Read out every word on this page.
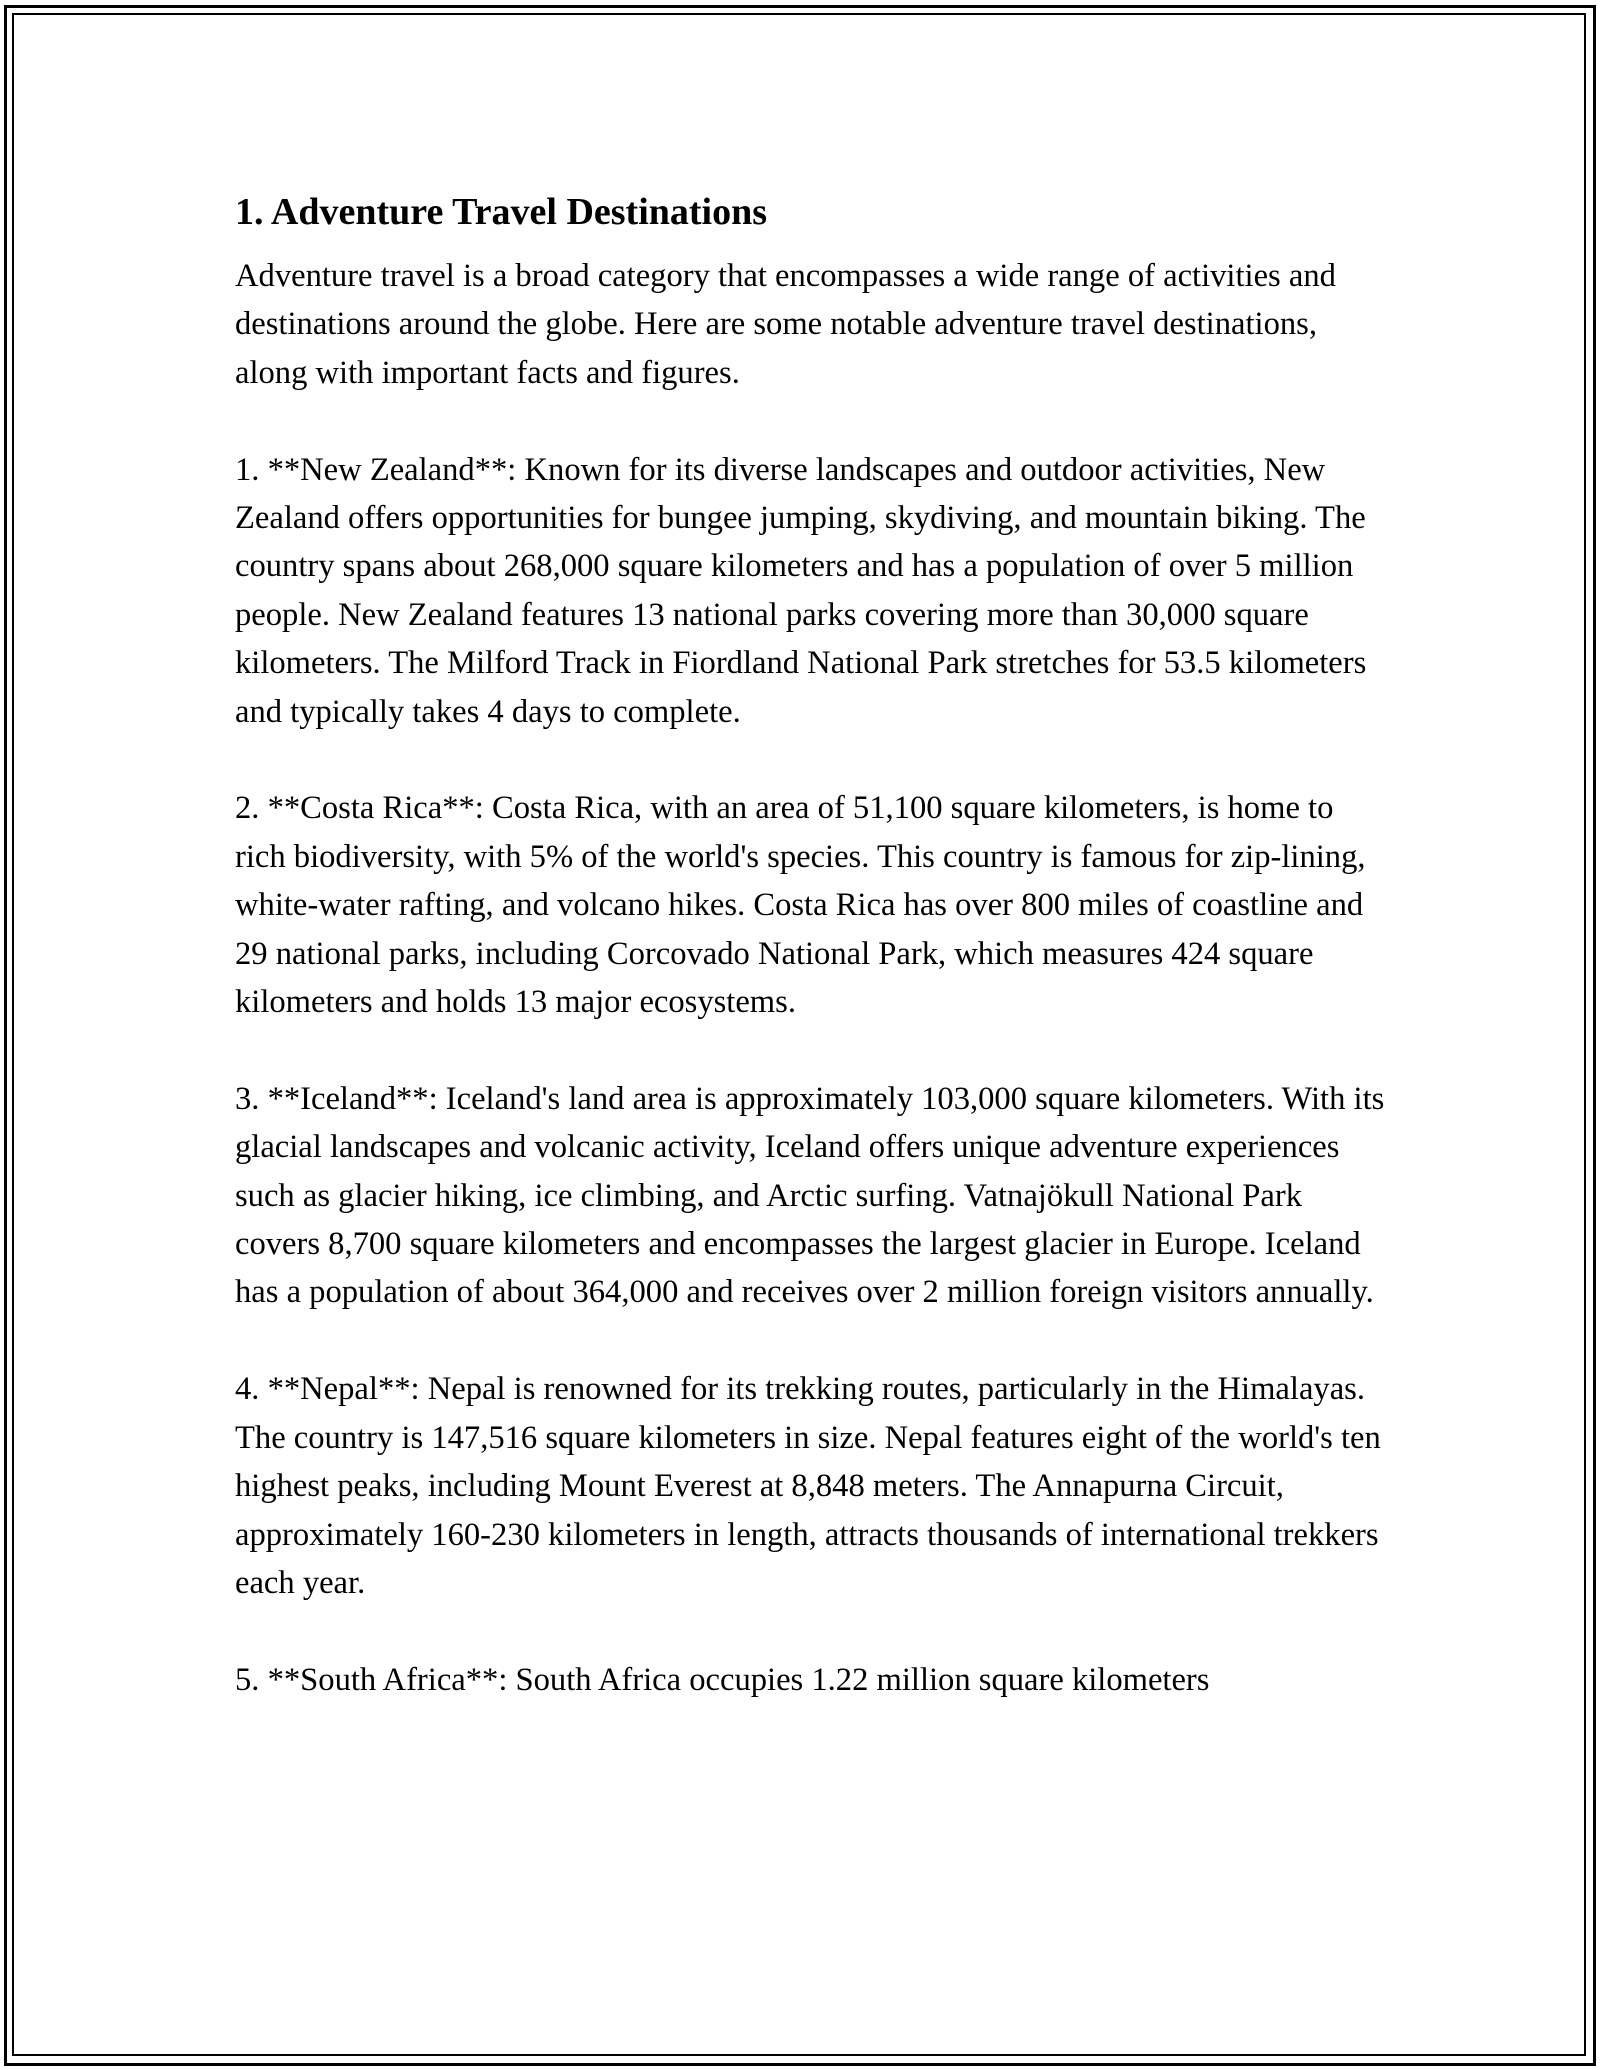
1. Adventure Travel Destinations

Adventure travel is a broad category that encompasses a wide range of activities and destinations around the globe. Here are some notable adventure travel destinations, along with important facts and figures.

1. **New Zealand**: Known for its diverse landscapes and outdoor activities, New Zealand offers opportunities for bungee jumping, skydiving, and mountain biking. The country spans about 268,000 square kilometers and has a population of over 5 million people. New Zealand features 13 national parks covering more than 30,000 square kilometers. The Milford Track in Fiordland National Park stretches for 53.5 kilometers and typically takes 4 days to complete.

2. **Costa Rica**: Costa Rica, with an area of 51,100 square kilometers, is home to rich biodiversity, with 5% of the world's species. This country is famous for zip-lining, white-water rafting, and volcano hikes. Costa Rica has over 800 miles of coastline and 29 national parks, including Corcovado National Park, which measures 424 square kilometers and holds 13 major ecosystems.

3. **Iceland**: Iceland's land area is approximately 103,000 square kilometers. With its glacial landscapes and volcanic activity, Iceland offers unique adventure experiences such as glacier hiking, ice climbing, and Arctic surfing. Vatnajökull National Park covers 8,700 square kilometers and encompasses the largest glacier in Europe. Iceland has a population of about 364,000 and receives over 2 million foreign visitors annually.

4. **Nepal**: Nepal is renowned for its trekking routes, particularly in the Himalayas. The country is 147,516 square kilometers in size. Nepal features eight of the world's ten highest peaks, including Mount Everest at 8,848 meters. The Annapurna Circuit, approximately 160-230 kilometers in length, attracts thousands of international trekkers each year.

5. **South Africa**: South Africa occupies 1.22 million square kilometers
